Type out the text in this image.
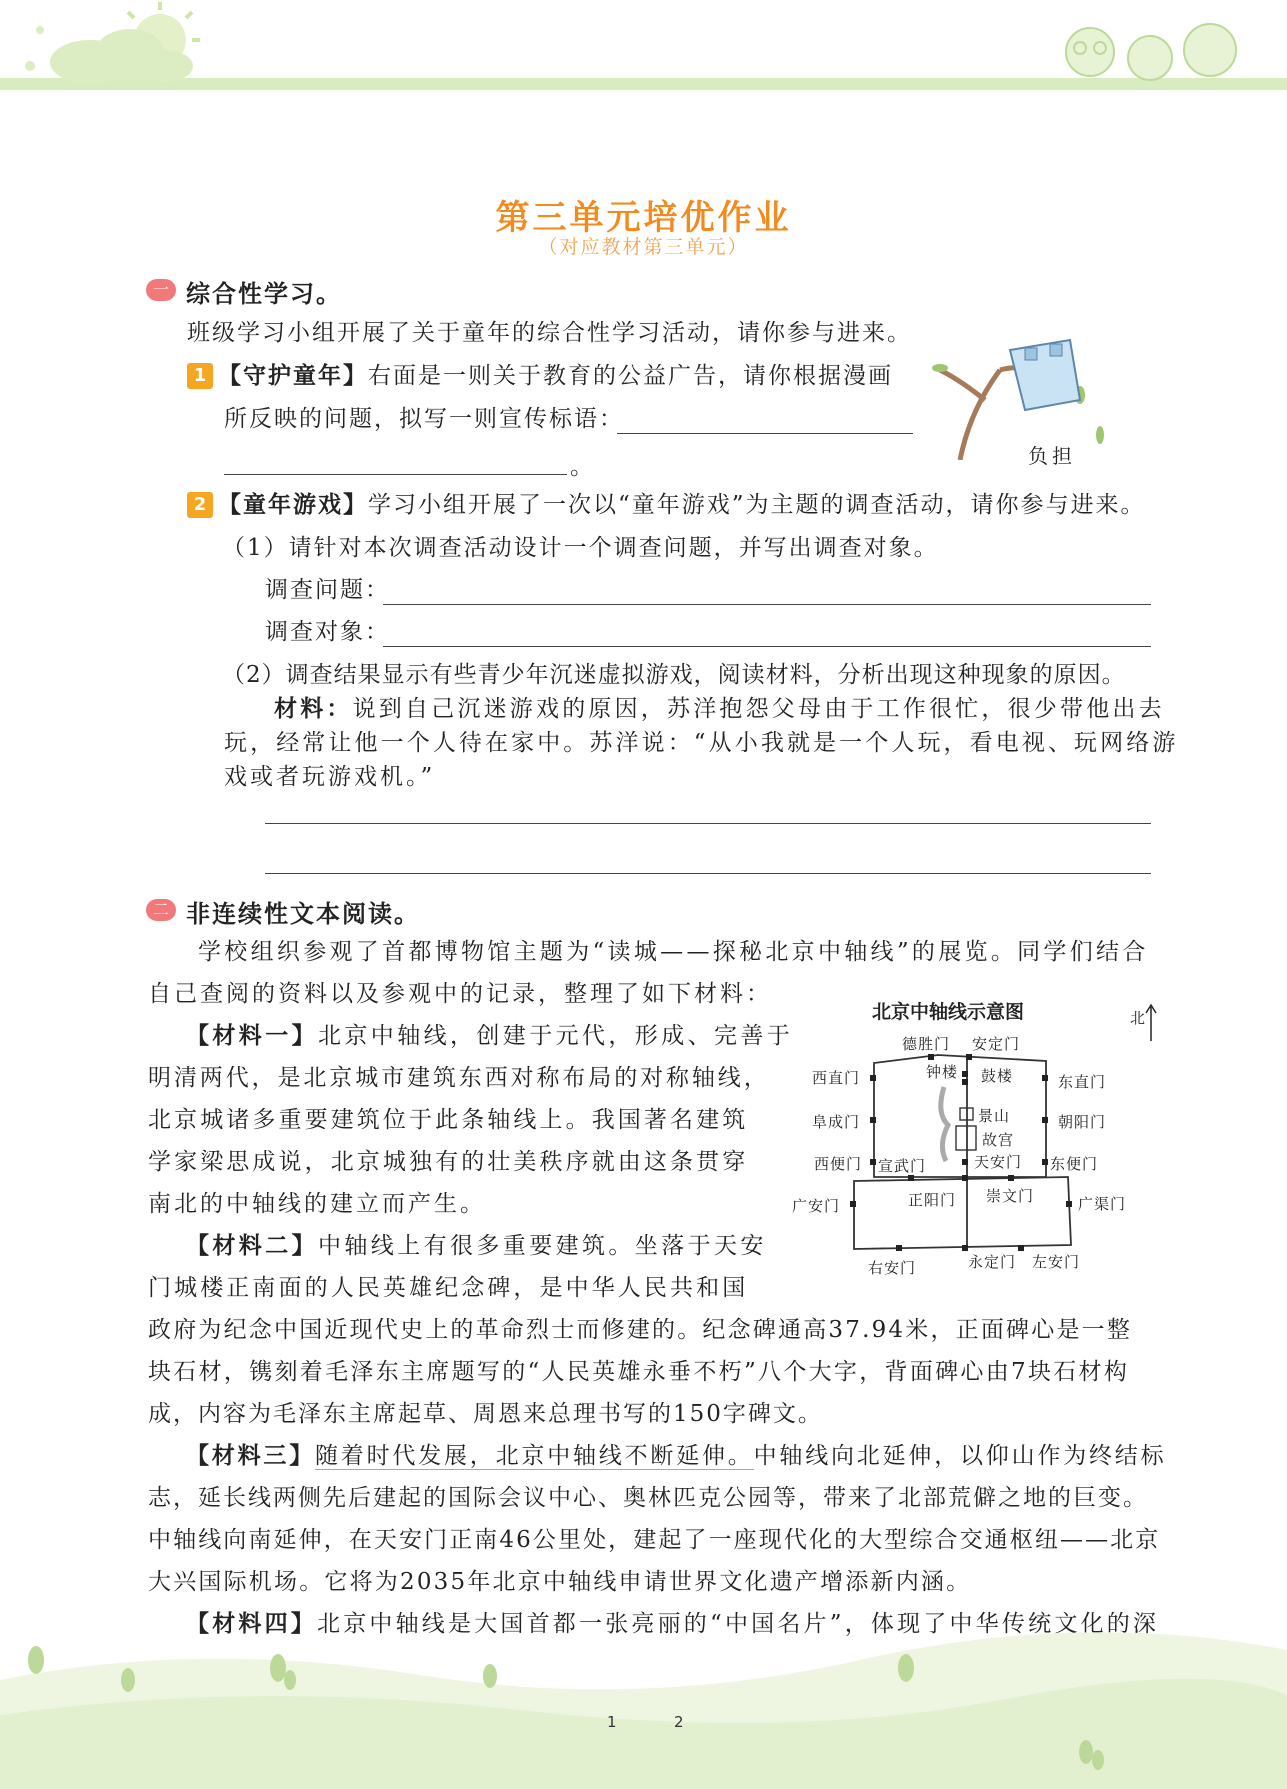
第三单元培优作业
（对应教材第三单元）
一 综合性学习。
班级学习小组开展了关于童年的综合性学习活动，请你参与进来。
1 【守护童年】右面是一则关于教育的公益广告，请你根据漫画
所反映的问题，拟写一则宣传标语：
。	负担
2 【童年游戏】学习小组开展了一次以“童年游戏”为主题的调查活动，请你参与进来。
（1）请针对本次调查活动设计一个调查问题，并写出调查对象。
调查问题：
调查对象：
（2）调查结果显示有些青少年沉迷虚拟游戏，阅读材料，分析出现这种现象的原因。
材料：说到自己沉迷游戏的原因，苏洋抱怨父母由于工作很忙，很少带他出去
玩，经常让他一个人待在家中。苏洋说：“从小我就是一个人玩，看电视、玩网络游
戏或者玩游戏机。”
二 非连续性文本阅读。
学校组织参观了首都博物馆主题为“读城——探秘北京中轴线”的展览。同学们结合
自己查阅的资料以及参观中的记录，整理了如下材料：
【材料一】北京中轴线，创建于元代，形成、完善于
明清两代，是北京城市建筑东西对称布局的对称轴线，
北京城诸多重要建筑位于此条轴线上。我国著名建筑
学家梁思成说，北京城独有的壮美秩序就由这条贯穿
南北的中轴线的建立而产生。
【材料二】中轴线上有很多重要建筑。坐落于天安
门城楼正南面的人民英雄纪念碑，是中华人民共和国
政府为纪念中国近现代史上的革命烈士而修建的。纪念碑通高37.94米，正面碑心是一整
块石材，镌刻着毛泽东主席题写的“人民英雄永垂不朽”八个大字，背面碑心由7块石材构
成，内容为毛泽东主席起草、周恩来总理书写的150字碑文。
【材料三】随着时代发展，北京中轴线不断延伸。中轴线向北延伸，以仰山作为终结标
志，延长线两侧先后建起的国际会议中心、奥林匹克公园等，带来了北部荒僻之地的巨变。
中轴线向南延伸，在天安门正南46公里处，建起了一座现代化的大型综合交通枢纽——北京
大兴国际机场。它将为2035年北京中轴线申请世界文化遗产增添新内涵。
【材料四】北京中轴线是大国首都一张亮丽的“中国名片”，体现了中华传统文化的深
北京中轴线示意图	北
德胜门 安定门
钟楼 鼓楼
西直门	东直门
景山
阜成门	朝阳门
故宫
西便门 宣武门	天安门 东便门
广安门	正阳门 崇文门	广渠门
右安门	永定门 左安门
1	2
